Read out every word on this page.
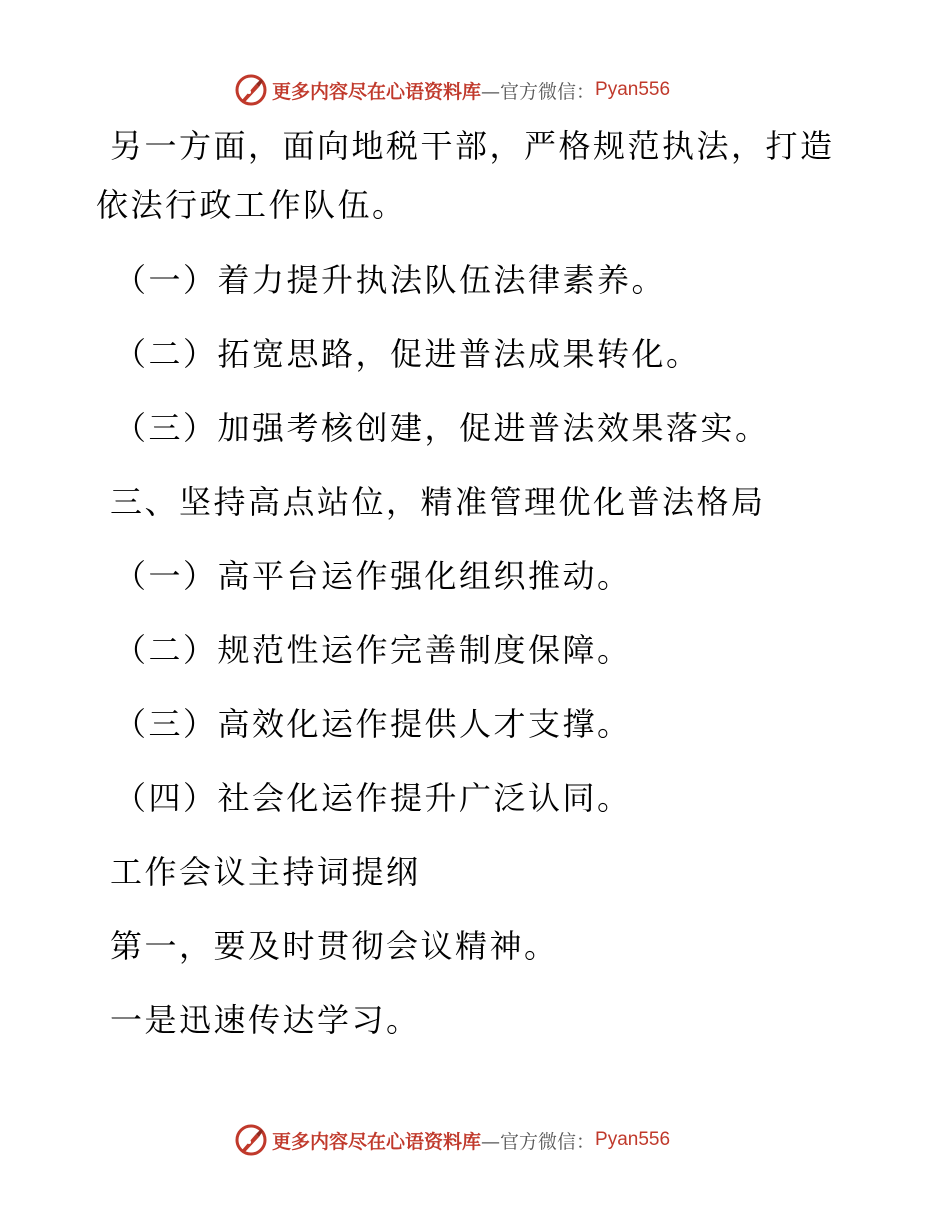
更多内容尽在心语资料库 —官方微信： Pyan556
另一方面，面向地税干部，严格规范执法，打造
依法行政工作队伍。
（一）着力提升执法队伍法律素养。
（二）拓宽思路，促进普法成果转化。
（三）加强考核创建，促进普法效果落实。
三、坚持高点站位，精准管理优化普法格局
（一）高平台运作强化组织推动。
（二）规范性运作完善制度保障。
（三）高效化运作提供人才支撑。
（四）社会化运作提升广泛认同。
工作会议主持词提纲
第一，要及时贯彻会议精神。
一是迅速传达学习。
更多内容尽在心语资料库 —官方微信： Pyan556
